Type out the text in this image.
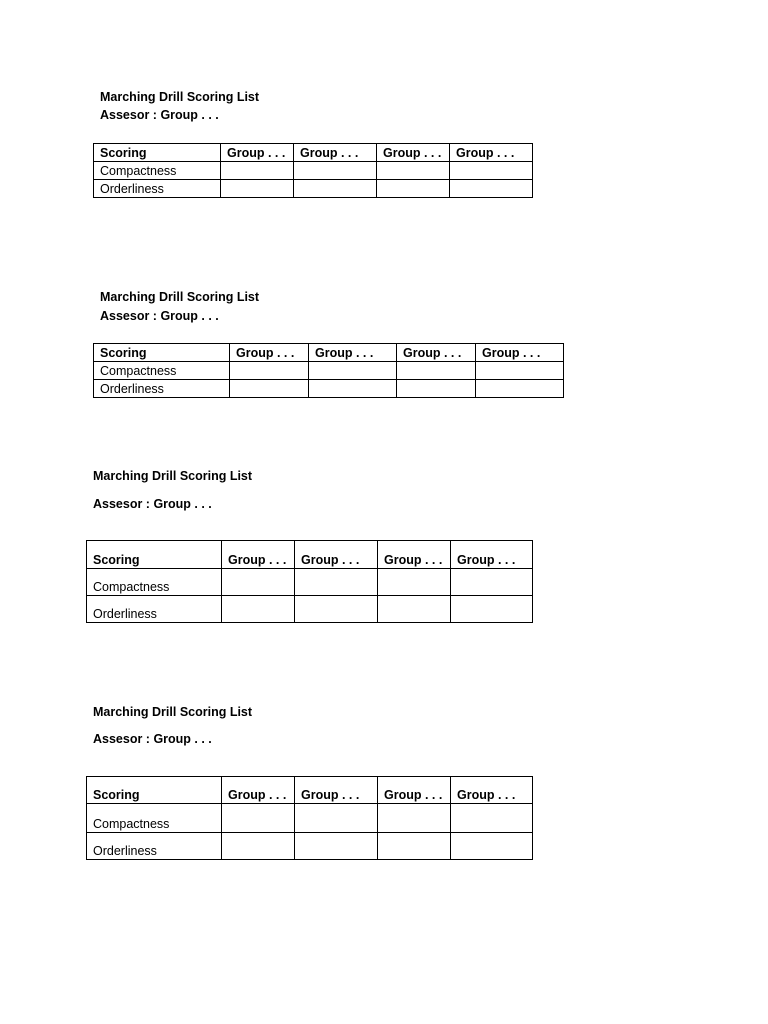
Marching Drill Scoring List
Assesor : Group . . .
Scoring	Group . . .	Group . . .	Group . . .	Group . . .
Compactness				
Orderliness				
Marching Drill Scoring List
Assesor : Group . . .
Scoring	Group . . .	Group . . .	Group . . .	Group . . .
Compactness				
Orderliness				
Marching Drill Scoring List
Assesor : Group . . .
Scoring	Group . . .	Group . . .	Group . . .	Group . . .
Compactness				
Orderliness				
Marching Drill Scoring List
Assesor : Group . . .
Scoring	Group . . .	Group . . .	Group . . .	Group . . .
Compactness				
Orderliness				
